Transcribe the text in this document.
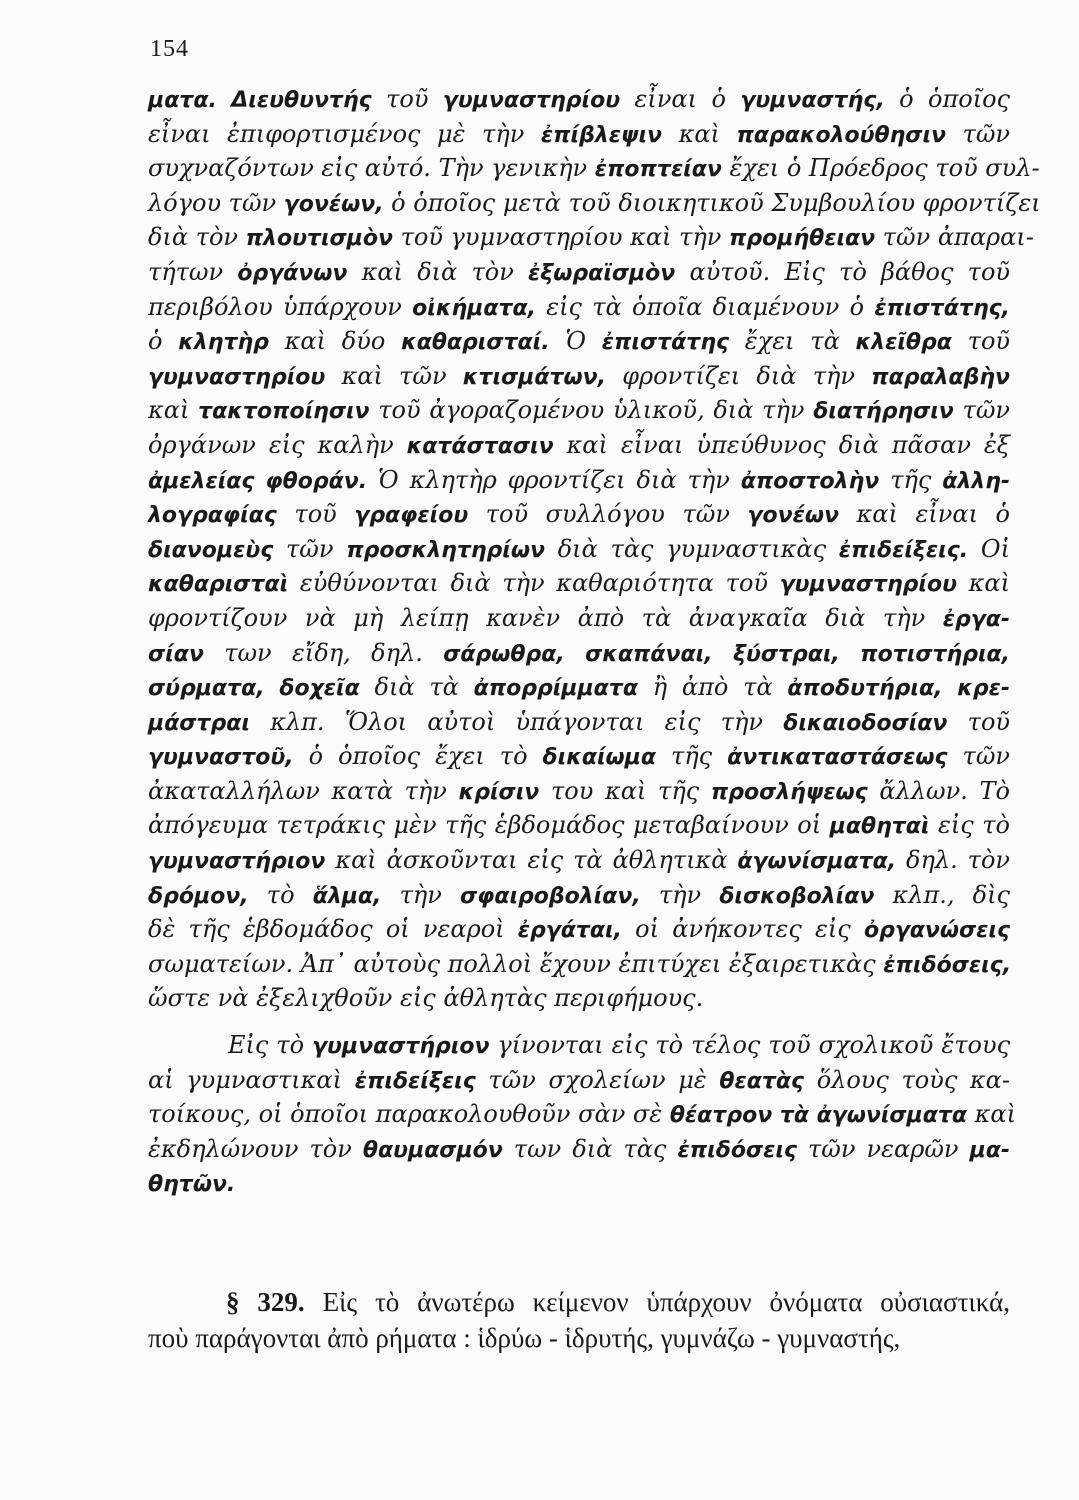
154
ματα. Διευθυντής τοῦ γυμναστηρίου εἶναι ὁ γυμναστής, ὁ ὁποῖος
εἶναι ἐπιφορτισμένος μὲ τὴν ἐπίβλεψιν καὶ παρακολούθησιν τῶν
συχναζόντων εἰς αὐτό. Τὴν γενικὴν ἐποπτείαν ἔχει ὁ Πρόεδρος τοῦ συλ-
λόγου τῶν γονέων, ὁ ὁποῖος μετὰ τοῦ διοικητικοῦ Συμβουλίου φροντίζει
διὰ τὸν πλουτισμὸν τοῦ γυμναστηρίου καὶ τὴν προμήθειαν τῶν ἀπαραι-
τήτων ὀργάνων καὶ διὰ τὸν ἐξωραϊσμὸν αὐτοῦ. Εἰς τὸ βάθος τοῦ
περιβόλου ὑπάρχουν οἰκήματα, εἰς τὰ ὁποῖα διαμένουν ὁ ἐπιστάτης,
ὁ κλητὴρ καὶ δύο καθαρισταί. Ὁ ἐπιστάτης ἔχει τὰ κλεῖθρα τοῦ
γυμναστηρίου καὶ τῶν κτισμάτων, φροντίζει διὰ τὴν παραλαβὴν
καὶ τακτοποίησιν τοῦ ἀγοραζομένου ὑλικοῦ, διὰ τὴν διατήρησιν τῶν
ὀργάνων εἰς καλὴν κατάστασιν καὶ εἶναι ὑπεύθυνος διὰ πᾶσαν ἐξ
ἀμελείας φθοράν. Ὁ κλητὴρ φροντίζει διὰ τὴν ἀποστολὴν τῆς ἀλλη-
λογραφίας τοῦ γραφείου τοῦ συλλόγου τῶν γονέων καὶ εἶναι ὁ
διανομεὺς τῶν προσκλητηρίων διὰ τὰς γυμναστικὰς ἐπιδείξεις. Οἱ
καθαρισταὶ εὐθύνονται διὰ τὴν καθαριότητα τοῦ γυμναστηρίου καὶ
φροντίζουν νὰ μὴ λείπῃ κανὲν ἀπὸ τὰ ἀναγκαῖα διὰ τὴν ἐργα-
σίαν των εἴδη, δηλ. σάρωθρα, σκαπάναι, ξύστραι, ποτιστήρια,
σύρματα, δοχεῖα διὰ τὰ ἀπορρίμματα ἢ ἀπὸ τὰ ἀποδυτήρια, κρε-
μάστραι κλπ. Ὅλοι αὐτοὶ ὑπάγονται εἰς τὴν δικαιοδοσίαν τοῦ
γυμναστοῦ, ὁ ὁποῖος ἔχει τὸ δικαίωμα τῆς ἀντικαταστάσεως τῶν
ἀκαταλλήλων κατὰ τὴν κρίσιν του καὶ τῆς προσλήψεως ἄλλων. Τὸ
ἀπόγευμα τετράκις μὲν τῆς ἑβδομάδος μεταβαίνουν οἱ μαθηταὶ εἰς τὸ
γυμναστήριον καὶ ἀσκοῦνται εἰς τὰ ἀθλητικὰ ἀγωνίσματα, δηλ. τὸν
δρόμον, τὸ ἅλμα, τὴν σφαιροβολίαν, τὴν δισκοβολίαν κλπ., δὶς
δὲ τῆς ἑβδομάδος οἱ νεαροὶ ἐργάται, οἱ ἀνήκοντες εἰς ὀργανώσεις
σωματείων. Ἀπ᾽ αὐτοὺς πολλοὶ ἔχουν ἐπιτύχει ἐξαιρετικὰς ἐπιδόσεις,
ὥστε νὰ ἐξελιχθοῦν εἰς ἀθλητὰς περιφήμους.
Εἰς τὸ γυμναστήριον γίνονται εἰς τὸ τέλος τοῦ σχολικοῦ ἔτους
αἱ γυμναστικαὶ ἐπιδείξεις τῶν σχολείων μὲ θεατὰς ὅλους τοὺς κα-
τοίκους, οἱ ὁποῖοι παρακολουθοῦν σὰν σὲ θέατρον τὰ ἀγωνίσματα καὶ
ἐκδηλώνουν τὸν θαυμασμόν των διὰ τὰς ἐπιδόσεις τῶν νεαρῶν μα-
θητῶν.
§ 329. Εἰς τὸ ἀνωτέρω κείμενον ὑπάρχουν ὀνόματα οὐσιαστικά,
ποὺ παράγονται ἀπὸ ρήματα : ἱδρύω - ἱδρυτής, γυμνάζω - γυμναστής,
